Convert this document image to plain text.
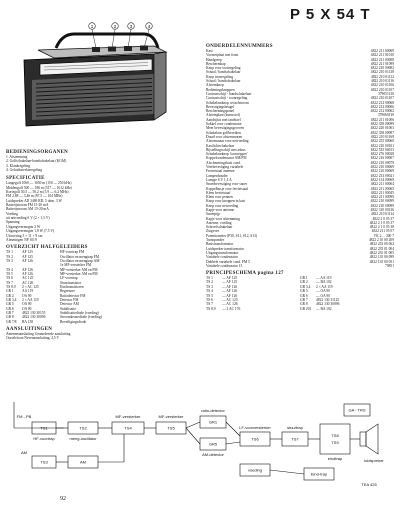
P 5 X 54 T
1	2	3	4
BEDIENINGSORGANEN
1. Afstemming
2. Golfschakelaar-bandschakelaar (KGM)
3. Klankregeling
4. Geluidssterkteregeling
SPECIFICATIE
Langegolf 1060 — 1650 m (150 — 250 kHz)
Middengolf 500 — 186 m (517 — 1612 kHz)
Kortegolf 50,5 — 50,2 m (5,9 — 6,2 MHz)
FM 2,88 — 3,46 m (87,5 — 104 MHz)
Luidspreker AD 3469 RD, 5 ohm, 3 W
Batterijstroom FM 15-20 mA
Batterijstroom AM 15-20 mA
Voeding
uit netvoeding 6 V (2 × 1,5 V)
Spanning
Uitgangsvermogen 2 W
Uitgangsvermogen 1,8 W (7,5 V)
Uitvoering 3 × 11 × 9 cm
Afmetingen NP 1019
OVERZICHT HALFGELEIDERS
TS 1	AF 125	HF-voortrap FM
TS 2	AF 125	Oscillator en mengtrap FM
TS 3	AF 126	Oscillator en mengtrap AM
1e MF-versterker FM
TS 4	AF 126	MF-versterker AM en FM
TS 5	AF 126	MF-versterker AM en FM
TS 6	AC 125	LF-voortrap
TS 7	AC 126	Stuurtransistor
TS 8,9	2 × AC 125	Eindtransistoren
GR 1	AA 119	Begrenzer
GR 2	OA 90	Ratiodetector FM
GR 3,4	2 × AA 119	Detector FM
GR 5	OA 90	Detector AM
GR 6	OA 90	Stabilisatie
GR 7	4822 130 30155	Stabilisatiediode (voeding)
GR 8	4822 130 30096	Stroomkeuzediode (voeding)
GR 7/8	BA 138	Beveiligingsdiode
AANSLUITINGEN
Antenneaansluiting Geanodeerde aansluiting
Oortelefoon Nevenaansluiting, 2,5 V
ONDERDELENNUMMERS
Kast	4822 211 00069
Voorzetplaat met front	4822 211 01010
Handgreep	4822 211 00008
Beschermkap	4822 211 01099
Knop voor toonregeling	4822 210 00082
Schaal / bandschakelaar	4822 210 01138
Knop toonregeling	4822 210 01112
Schaal / bandschakelaar	4822 210 01116
Afstemknop	4822 210 01106
Bedieningsknoppen	4822 210 01107
Contrastschijf - bandschakelaar	379051130
Contrastschijf - toonregeling	4822 210 01107
Schakelaarknop wisselstroom	4822 212 00068
Bevestigingsbeugel	4822 212 00006
Beschermingspanel	4822 212 00062
Afstemplaat (kunststof)	379060130
Aandrijfas met tandwiel	4822 211 01006
Sokkel voor condensator	4822 358 00099
Meer bevestigingsgroeven	4822 220 01063
Schakelaar golfbereiken	4822 358 00097
Draad voor afstemsnaren	4822 210 01169
Afstemsnaar voor netvoeding	4822 255 00060
Kastlichtschakelaar	4822 210 00101
Bijstellingsschijf met asbus	4822 535 00013
Schakelaarknop 'toonwipper'	4822 276 00028
Koppelcondensator AM/FM	4822 216 00007
Afschermingsbuis cond.	4822 210 00079
Veerbevestiging variabele	4822 210 00069
Ferrietstaaf antenne	4822 210 00069
Lampenhouder	4822 233 00021
Lampje 6 V 1,1 A	4822 134 00069
Snoerbevestiging voor snoer	4822 211 00064
Koppelbusje voor ferrietstaaf	4822 211 00065
Klem ferrietstaaf	4822 211 00045
Klem voor pennen	4822 211 00099
Knop voor knoppen in kast	4822 210 00099
Knop voor netvoeding	4822 210 00099
Kapje voor antenne	4822 310 00136
Snoerpijp	4822 210 01114
Kapje voor afstemming	4822 2 0 05 37
Antenne, voeding	4822 2 1 0 05 37
Schroefschakelaar	4822 2 1 0 05 38
Zuigvoet	4822 211 05 07
Potentiometer (P30, S11, S12, S13)	VK 2 ... 300 7
Transponder	4822 2 10 00 209
Basistransformator	4822 253 00 062
Luidspreker transformator	4822 235 01 004
Uitgangstransformator	4822 235 01 005
Variabele condensator	4822 135 00 099
Dubbele variabele cond. FM 5	4822 135 00 051
Variabele condensator 13	79851
PRINCIPESCHEMA pagina 127
TS 1	— AF 125
TS 2	— AF 125
TS 3	— AF 126
TS 4	— AF 126
TS 5	— AF 126
TS 6	— AC 125
TS 7	— AC 126
TS 8,9 — 2 AC 176
GR 1 — AA 119
GR 2 — BA 102
GR 3,4 2 × AA 119
GR 5 — OA 90
GR 6 — OA 90
GR 7 4822 130 31125
GR 8 4822 130 30096
GR 201 — BA 102
FM - PB
AM
TS1
HF-voortrap
TS2
meng-oscillator
TS4
MF-versterker
TS5
MF-versterker
GR1
ratio-detector
GR5
AM-detector
TS3	AM
TS6
LF-voorversterker
TS7
stuurtrap
TS8
TS9
eindtrap
GA - TRS
luidspreker
voeding
Eind-trap
TEA 425
92
